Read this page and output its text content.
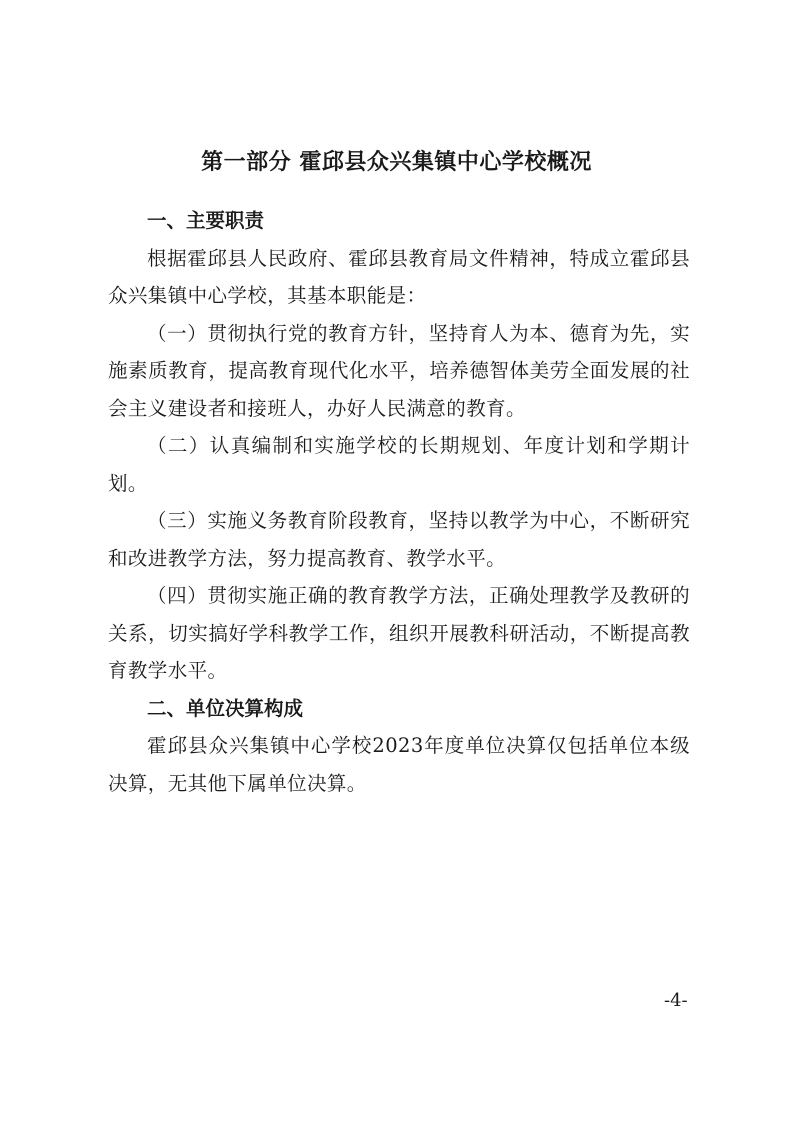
第一部分 霍邱县众兴集镇中心学校概况

一、主要职责

根据霍邱县人民政府、霍邱县教育局文件精神，特成立霍邱县众兴集镇中心学校，其基本职能是：

（一）贯彻执行党的教育方针，坚持育人为本、德育为先，实施素质教育，提高教育现代化水平，培养德智体美劳全面发展的社会主义建设者和接班人，办好人民满意的教育。

（二）认真编制和实施学校的长期规划、年度计划和学期计划。

（三）实施义务教育阶段教育，坚持以教学为中心，不断研究和改进教学方法，努力提高教育、教学水平。

（四）贯彻实施正确的教育教学方法，正确处理教学及教研的关系，切实搞好学科教学工作，组织开展教科研活动，不断提高教育教学水平。

二、单位决算构成

霍邱县众兴集镇中心学校2023年度单位决算仅包括单位本级决算，无其他下属单位决算。

-4-
